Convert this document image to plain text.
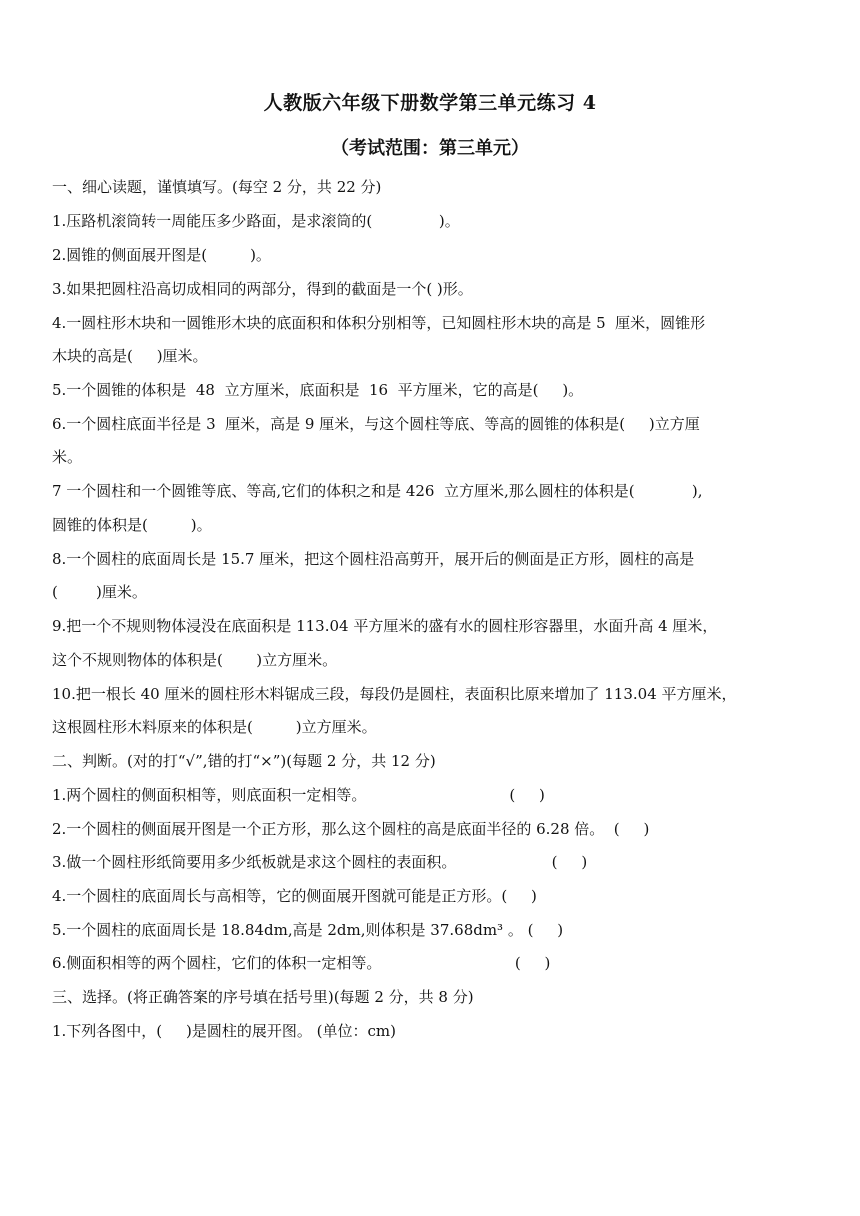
人教版六年级下册数学第三单元练习 4
（考试范围：第三单元）
一、细心读题，谨慎填写。(每空 2 分，共 22 分)
1.压路机滚筒转一周能压多少路面，是求滚筒的(              )。
2.圆锥的侧面展开图是(         )。
3.如果把圆柱沿高切成相同的两部分，得到的截面是一个( )形。
4.一圆柱形木块和一圆锥形木块的底面积和体积分别相等，已知圆柱形木块的高是 5  厘米，圆锥形
木块的高是(     )厘米。
5.一个圆锥的体积是  48  立方厘米，底面积是  16  平方厘米，它的高是(     )。
6.一个圆柱底面半径是 3  厘米，高是 9 厘米，与这个圆柱等底、等高的圆锥的体积是(     )立方厘
米。
7 一个圆柱和一个圆锥等底、等高,它们的体积之和是 426  立方厘米,那么圆柱的体积是(            ),
圆锥的体积是(         )。
8.一个圆柱的底面周长是 15.7 厘米，把这个圆柱沿高剪开，展开后的侧面是正方形，圆柱的高是
(        )厘米。
9.把一个不规则物体浸没在底面积是 113.04 平方厘米的盛有水的圆柱形容器里，水面升高 4 厘米，
这个不规则物体的体积是(       )立方厘米。
10.把一根长 40 厘米的圆柱形木料锯成三段，每段仍是圆柱，表面积比原来增加了 113.04 平方厘米，
这根圆柱形木料原来的体积是(         )立方厘米。
二、判断。(对的打“√”,错的打“×”)(每题 2 分，共 12 分)
1.两个圆柱的侧面积相等，则底面积一定相等。                              (     )
2.一个圆柱的侧面展开图是一个正方形，那么这个圆柱的高是底面半径的 6.28 倍。  (     )
3.做一个圆柱形纸筒要用多少纸板就是求这个圆柱的表面积。                    (     )
4.一个圆柱的底面周长与高相等，它的侧面展开图就可能是正方形。(     )
5.一个圆柱的底面周长是 18.84dm,高是 2dm,则体积是 37.68dm³ 。 (     )
6.侧面积相等的两个圆柱，它们的体积一定相等。                            (     )
三、选择。(将正确答案的序号填在括号里)(每题 2 分，共 8 分)
1.下列各图中，(     )是圆柱的展开图。 (单位：cm)
